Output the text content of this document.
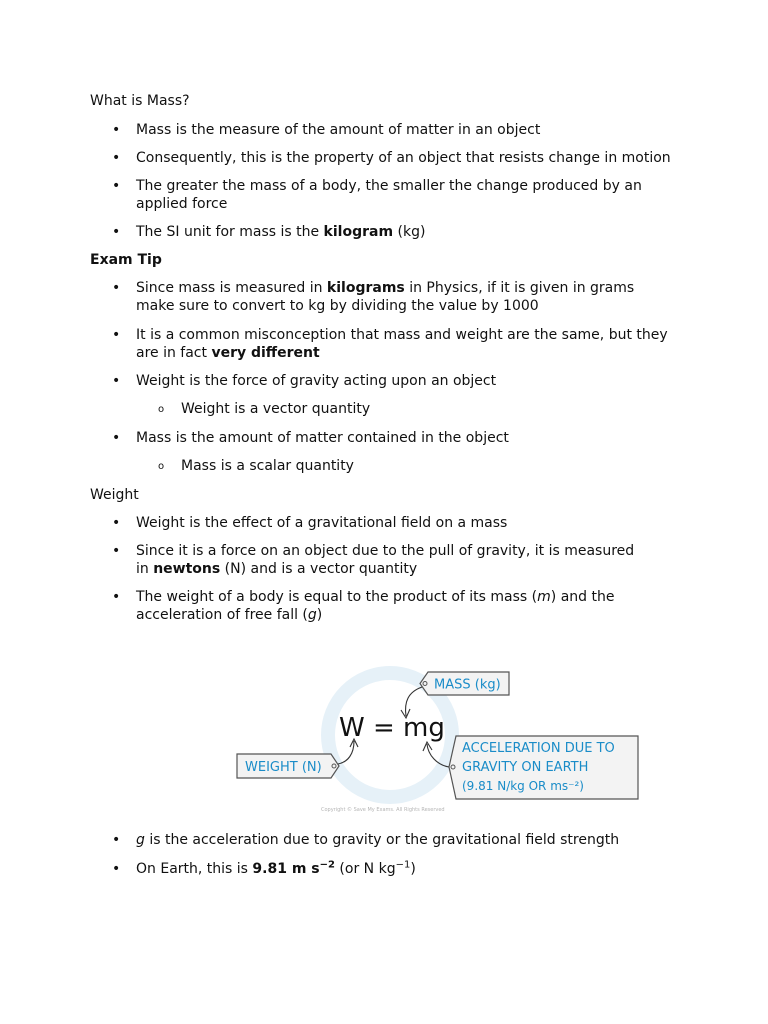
What is Mass?

• Mass is the measure of the amount of matter in an object
• Consequently, this is the property of an object that resists change in motion
• The greater the mass of a body, the smaller the change produced by an applied force
• The SI unit for mass is the kilogram (kg)

Exam Tip

• Since mass is measured in kilograms in Physics, if it is given in grams make sure to convert to kg by dividing the value by 1000
• It is a common misconception that mass and weight are the same, but they are in fact very different
• Weight is the force of gravity acting upon an object
o Weight is a vector quantity
• Mass is the amount of matter contained in the object
o Mass is a scalar quantity

Weight

• Weight is the effect of a gravitational field on a mass
• Since it is a force on an object due to the pull of gravity, it is measured in newtons (N) and is a vector quantity
• The weight of a body is equal to the product of its mass (m) and the acceleration of free fall (g)
W = mg
MASS (kg)
WEIGHT (N)
ACCELERATION DUE TO
GRAVITY ON EARTH
(9.81 N/kg OR ms⁻²)
Copyright © Save My Exams. All Rights Reserved
• g is the acceleration due to gravity or the gravitational field strength
• On Earth, this is 9.81 m $s^{-2}$ (or N $kg^{-1}$)
